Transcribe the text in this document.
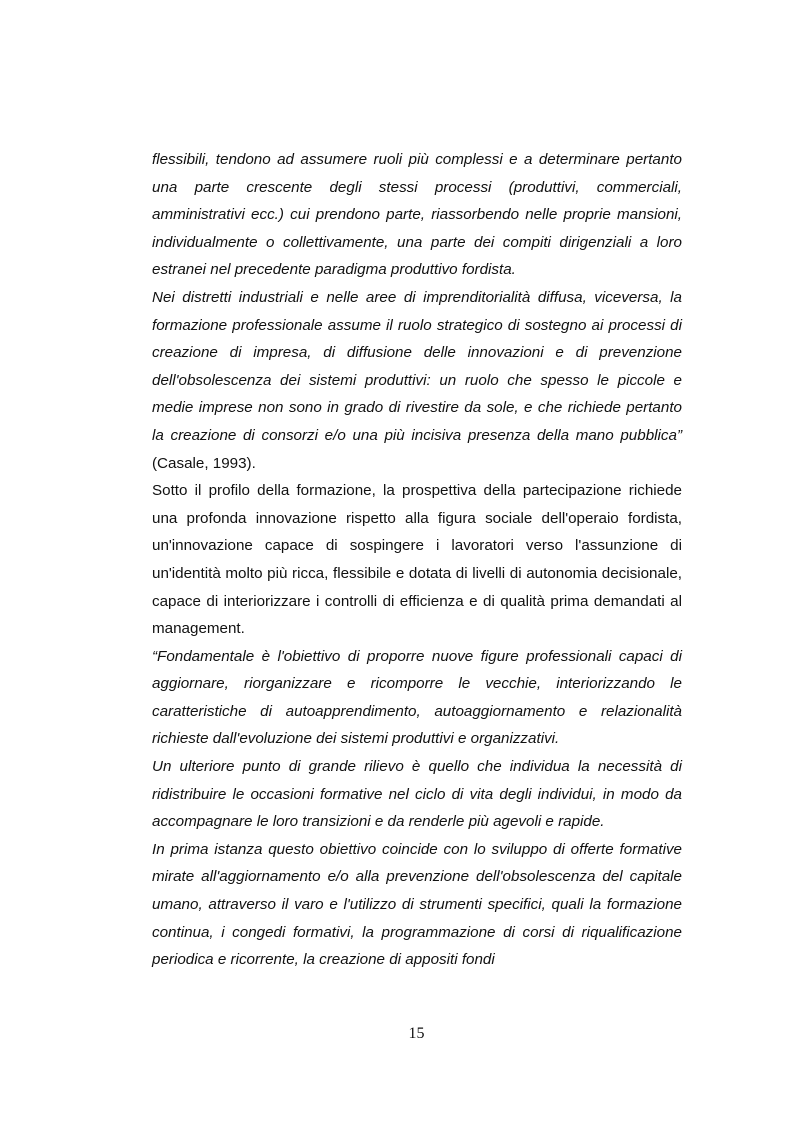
flessibili, tendono ad assumere ruoli più complessi e a determinare pertanto una parte crescente degli stessi processi (produttivi, commerciali, amministrativi ecc.) cui prendono parte, riassorbendo nelle proprie mansioni, individualmente o collettivamente, una parte dei compiti dirigenziali a loro estranei nel precedente paradigma produttivo fordista.

Nei distretti industriali e nelle aree di imprenditorialità diffusa, viceversa, la formazione professionale assume il ruolo strategico di sostegno ai processi di creazione di impresa, di diffusione delle innovazioni e di prevenzione dell'obsolescenza dei sistemi produttivi: un ruolo che spesso le piccole e medie imprese non sono in grado di rivestire da sole, e che richiede pertanto la creazione di consorzi e/o una più incisiva presenza della mano pubblica” (Casale, 1993).

Sotto il profilo della formazione, la prospettiva della partecipazione richiede una profonda innovazione rispetto alla figura sociale dell'operaio fordista, un'innovazione capace di sospingere i lavoratori verso l'assunzione di un'identità molto più ricca, flessibile e dotata di livelli di autonomia decisionale, capace di interiorizzare i controlli di efficienza e di qualità prima demandati al management.

“Fondamentale è l'obiettivo di proporre nuove figure professionali capaci di aggiornare, riorganizzare e ricomporre le vecchie, interiorizzando le caratteristiche di autoapprendimento, autoaggiornamento e relazionalità richieste dall'evoluzione dei sistemi produttivi e organizzativi.

Un ulteriore punto di grande rilievo è quello che individua la necessità di ridistribuire le occasioni formative nel ciclo di vita degli individui, in modo da accompagnare le loro transizioni e da renderle più agevoli e rapide.

In prima istanza questo obiettivo coincide con lo sviluppo di offerte formative mirate all'aggiornamento e/o alla prevenzione dell'obsolescenza del capitale umano, attraverso il varo e l'utilizzo di strumenti specifici, quali la formazione continua, i congedi formativi, la programmazione di corsi di riqualificazione periodica e ricorrente, la creazione di appositi fondi

15
